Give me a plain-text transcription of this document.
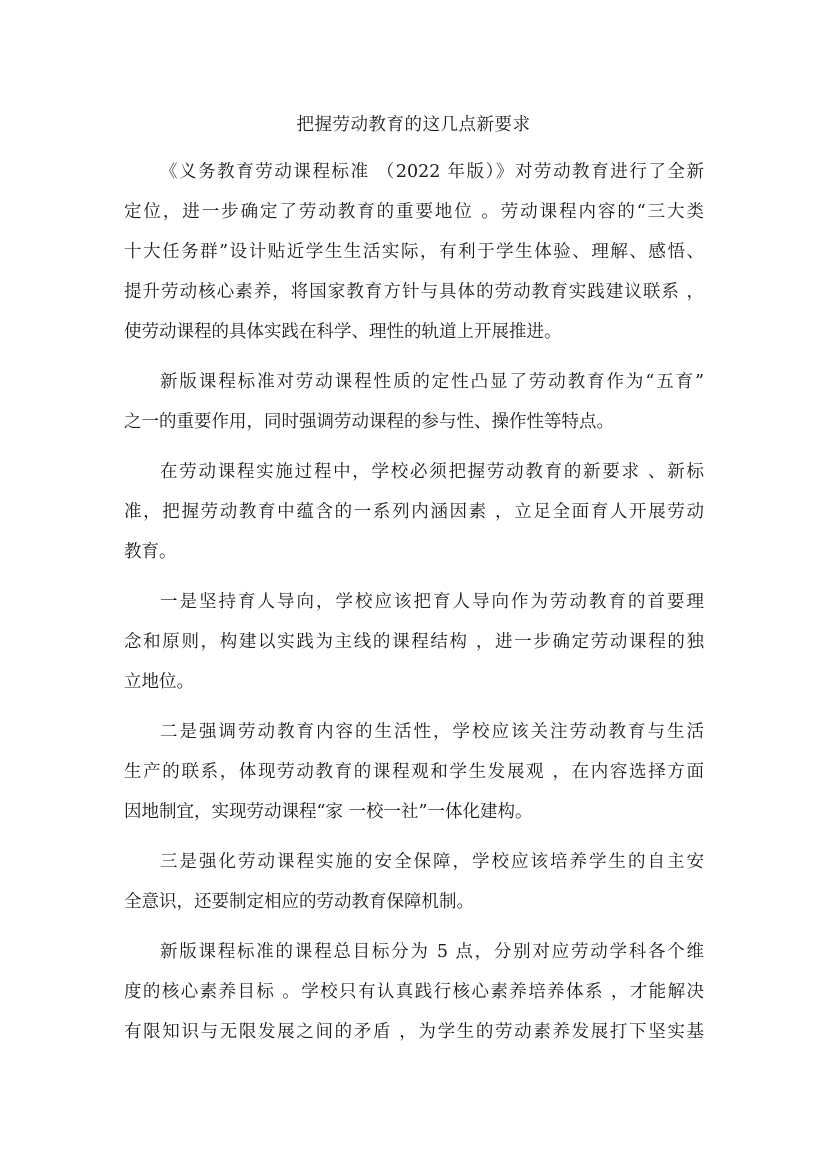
把握劳动教育的这几点新要求
《义务教育劳动课程标准 （2022 年版）》对劳动教育进行了全新
定位，进一步确定了劳动教育的重要地位 。劳动课程内容的“三大类
十大任务群”设计贴近学生生活实际，有利于学生体验、理解、感悟、
提升劳动核心素养，将国家教育方针与具体的劳动教育实践建议联系 ，
使劳动课程的具体实践在科学、理性的轨道上开展推进。
新版课程标准对劳动课程性质的定性凸显了劳动教育作为“五育”
之一的重要作用，同时强调劳动课程的参与性、操作性等特点。
在劳动课程实施过程中，学校必须把握劳动教育的新要求 、新标
准，把握劳动教育中蕴含的一系列内涵因素 ，立足全面育人开展劳动
教育。
一是坚持育人导向，学校应该把育人导向作为劳动教育的首要理
念和原则，构建以实践为主线的课程结构 ，进一步确定劳动课程的独
立地位。
二是强调劳动教育内容的生活性，学校应该关注劳动教育与生活
生产的联系，体现劳动教育的课程观和学生发展观 ，在内容选择方面
因地制宜，实现劳动课程“家 一校一社”一体化建构。
三是强化劳动课程实施的安全保障，学校应该培养学生的自主安
全意识，还要制定相应的劳动教育保障机制。
新版课程标准的课程总目标分为 5 点，分别对应劳动学科各个维
度的核心素养目标 。学校只有认真践行核心素养培养体系 ，才能解决
有限知识与无限发展之间的矛盾 ，为学生的劳动素养发展打下坚实基
